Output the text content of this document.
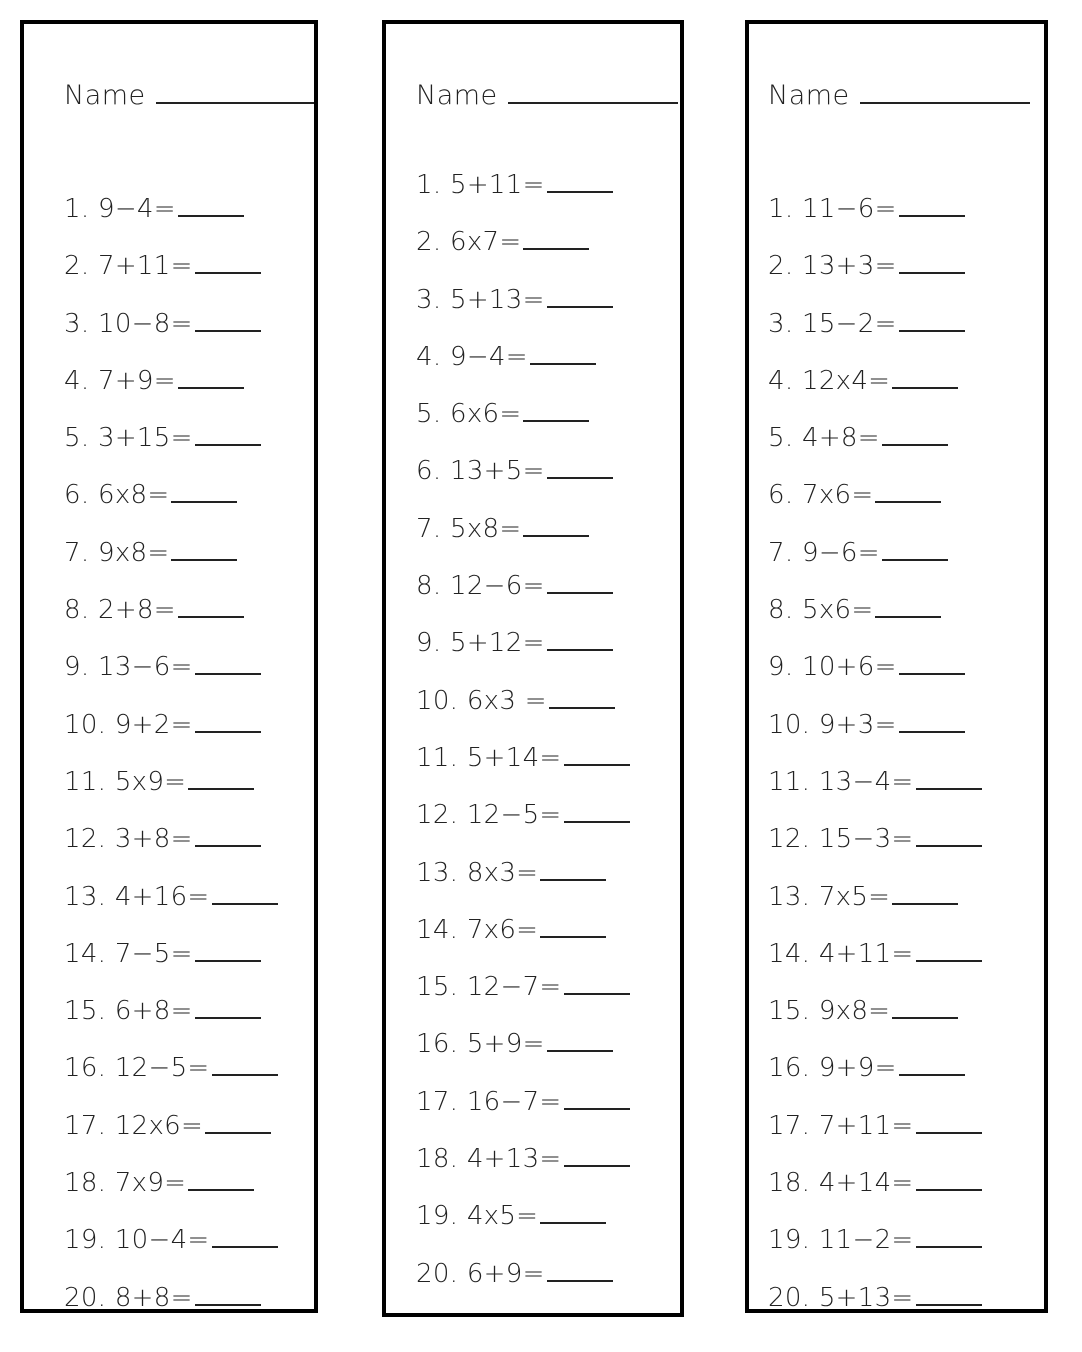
Name
1. 9−4=
2. 7+11=
3. 10−8=
4. 7+9=
5. 3+15=
6. 6x8=
7. 9x8=
8. 2+8=
9. 13−6=
10. 9+2=
11. 5x9=
12. 3+8=
13. 4+16=
14. 7−5=
15. 6+8=
16. 12−5=
17. 12x6=
18. 7x9=
19. 10−4=
20. 8+8=
Name
1. 5+11=
2. 6x7=
3. 5+13=
4. 9−4=
5. 6x6=
6. 13+5=
7. 5x8=
8. 12−6=
9. 5+12=
10. 6x3 =
11. 5+14=
12. 12−5=
13. 8x3=
14. 7x6=
15. 12−7=
16. 5+9=
17. 16−7=
18. 4+13=
19. 4x5=
20. 6+9=
Name
1. 11−6=
2. 13+3=
3. 15−2=
4. 12x4=
5. 4+8=
6. 7x6=
7. 9−6=
8. 5x6=
9. 10+6=
10. 9+3=
11. 13−4=
12. 15−3=
13. 7x5=
14. 4+11=
15. 9x8=
16. 9+9=
17. 7+11=
18. 4+14=
19. 11−2=
20. 5+13=
